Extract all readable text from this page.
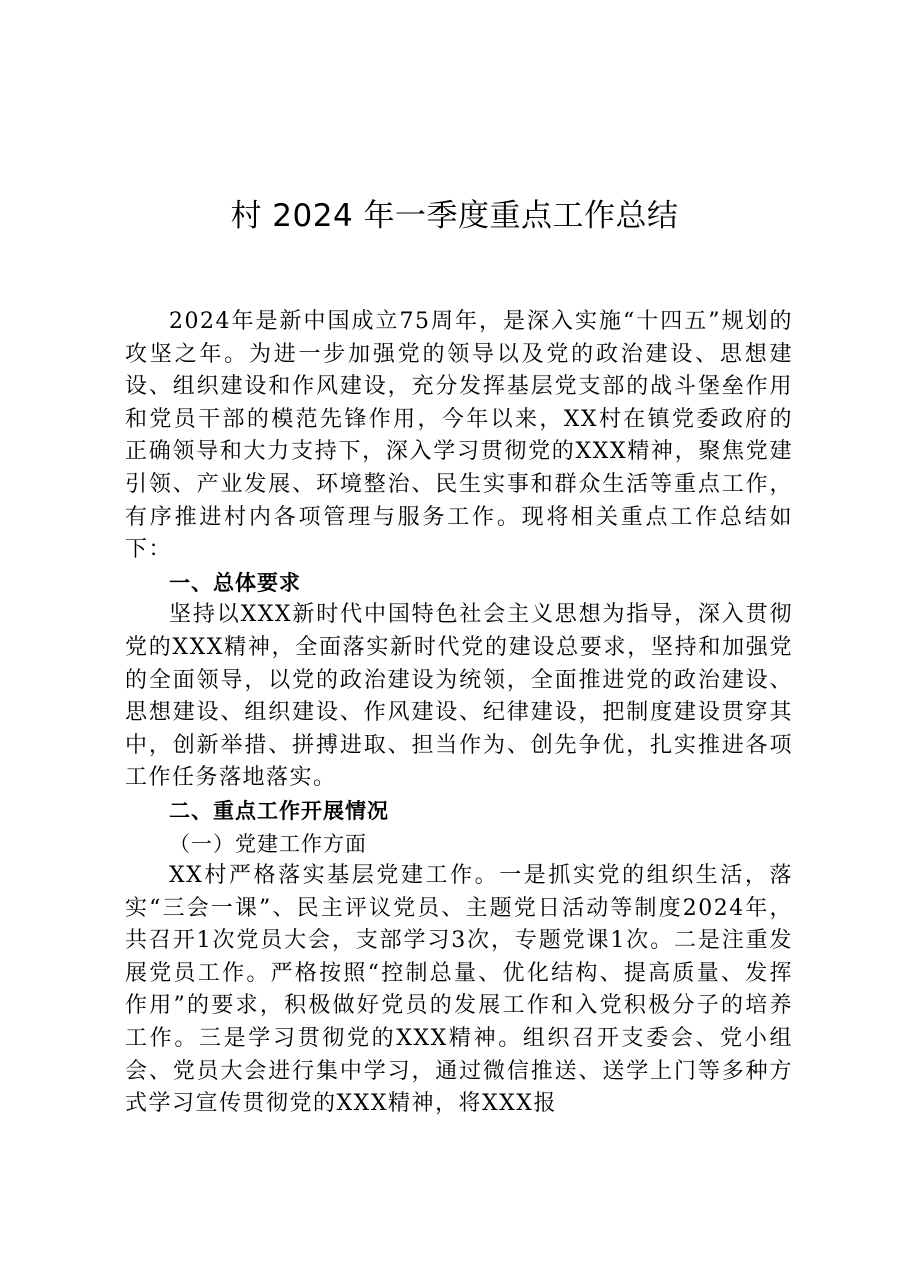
村 2024 年一季度重点工作总结

2024年是新中国成立75周年，是深入实施“十四五”规划的攻坚之年。为进一步加强党的领导以及党的政治建设、思想建设、组织建设和作风建设，充分发挥基层党支部的战斗堡垒作用和党员干部的模范先锋作用，今年以来，XX村在镇党委政府的正确领导和大力支持下，深入学习贯彻党的XXX精神，聚焦党建引领、产业发展、环境整治、民生实事和群众生活等重点工作，有序推进村内各项管理与服务工作。现将相关重点工作总结如下：

一、总体要求

坚持以XXX新时代中国特色社会主义思想为指导，深入贯彻党的XXX精神，全面落实新时代党的建设总要求，坚持和加强党的全面领导，以党的政治建设为统领，全面推进党的政治建设、思想建设、组织建设、作风建设、纪律建设，把制度建设贯穿其中，创新举措、拼搏进取、担当作为、创先争优，扎实推进各项工作任务落地落实。

二、重点工作开展情况

（一）党建工作方面

XX村严格落实基层党建工作。一是抓实党的组织生活，落实“三会一课”、民主评议党员、主题党日活动等制度2024年，共召开1次党员大会，支部学习3次，专题党课1次。二是注重发展党员工作。严格按照“控制总量、优化结构、提高质量、发挥作用”的要求，积极做好党员的发展工作和入党积极分子的培养工作。三是学习贯彻党的XXX精神。组织召开支委会、党小组会、党员大会进行集中学习，通过微信推送、送学上门等多种方式学习宣传贯彻党的XXX精神，将XXX报
